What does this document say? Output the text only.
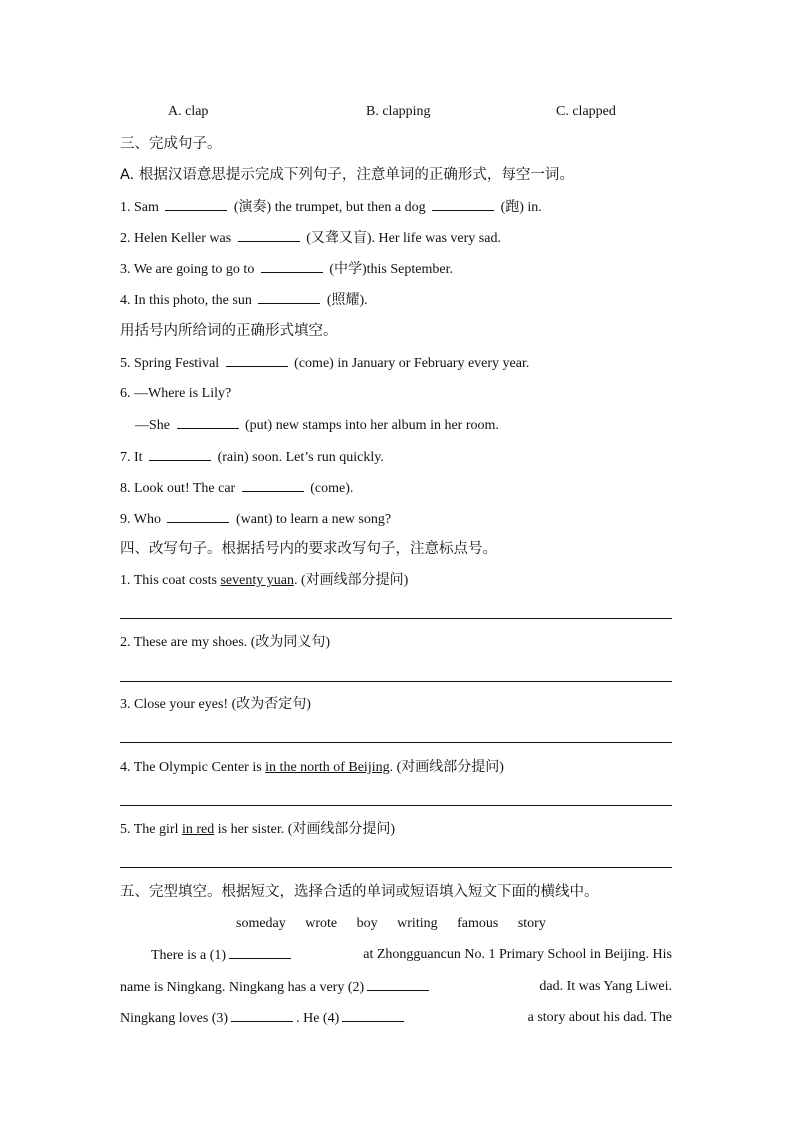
A. clap	B. clapping	C. clapped
三、完成句子。
A. 根据汉语意思提示完成下列句子，注意单词的正确形式，每空一词。
1. Sam	(演奏) the trumpet, but then a dog	(跑) in.
2. Helen Keller was	(又聋又盲). Her life was very sad.
3. We are going to go to	(中学)this September.
4. In this photo, the sun	(照耀).
用括号内所给词的正确形式填空。
5. Spring Festival	(come) in January or February every year.
6. —Where is Lily?
—She	(put) new stamps into her album in her room.
7. It	(rain) soon. Let’s run quickly.
8. Look out! The car	(come).
9. Who	(want) to learn a new song?
四、改写句子。根据括号内的要求改写句子，注意标点号。
1. This coat costs seventy yuan. (对画线部分提问)
2. These are my shoes. (改为同义句)
3. Close your eyes! (改为否定句)
4. The Olympic Center is in the north of Beijing. (对画线部分提问)
5. The girl in red is her sister. (对画线部分提问)
五、完型填空。根据短文，选择合适的单词或短语填入短文下面的横线中。
someday wrote boy writing famous story
There is a (1)	at Zhongguancun No. 1 Primary School in Beijing. His
name is Ningkang. Ningkang has a very (2)	dad. It was Yang Liwei.
Ningkang loves (3)	. He (4)	a story about his dad. The
